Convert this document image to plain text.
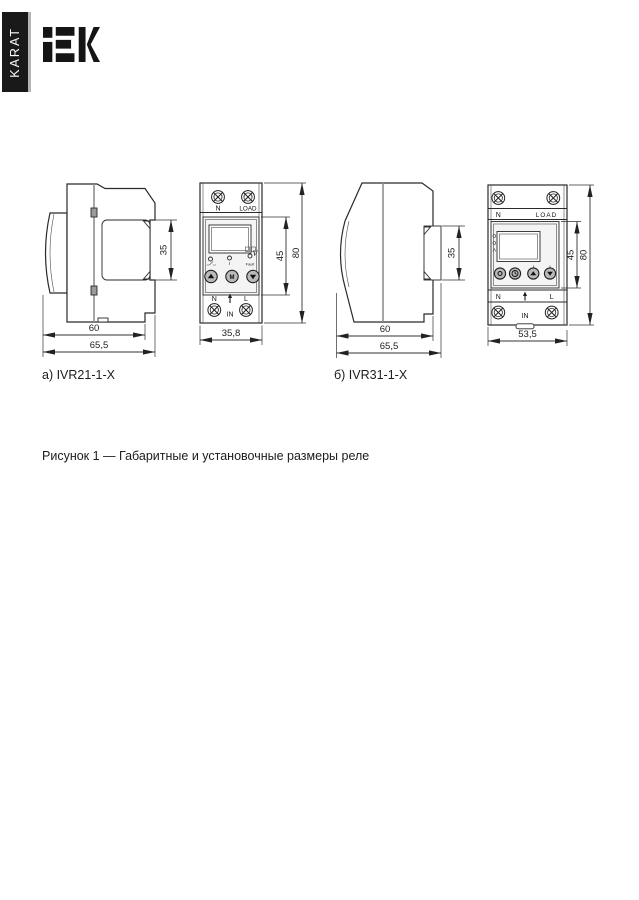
KARAT
35
60
65,5
N	LOAD
V
Fault
M
N	L
IN
35,8
45 80	35
60
65,5
N	LOAD
N	L
IN
53,5
45 80
а) IVR21-1-X	б) IVR31-1-X
Рисунок 1 — Габаритные и установочные размеры реле
